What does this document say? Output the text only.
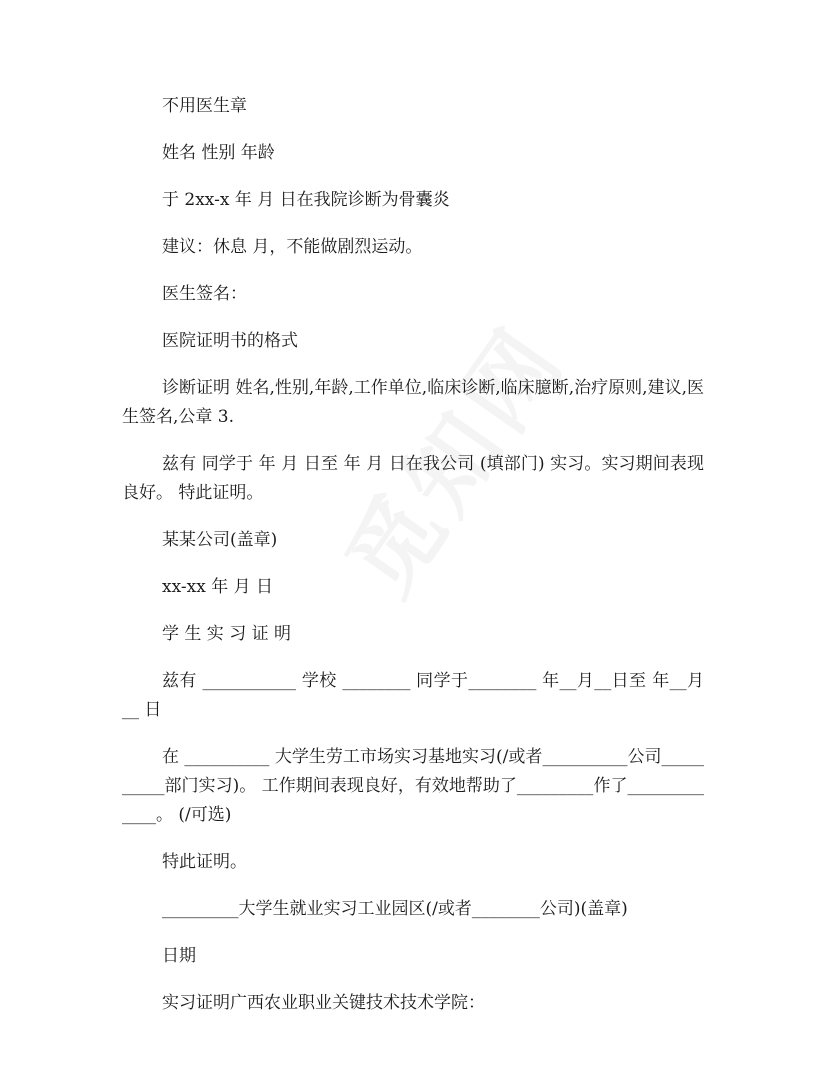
不用医生章

姓名 性别 年龄

于 2xx-x 年 月 日在我院诊断为骨囊炎

建议：休息 月，不能做剧烈运动。

医生签名：

医院证明书的格式

诊断证明 姓名,性别,年龄,工作单位,临床诊断,临床臆断,治疗原则,建议,医生签名,公章 3.

兹有 同学于 年 月 日至 年 月 日在我公司 (填部门) 实习。实习期间表现良好。 特此证明。

某某公司(盖章)

xx-xx 年 月 日

学 生 实 习 证 明

兹有 ___________ 学校 ________ 同学于________ 年__月__日至 年__月__ 日

在 __________ 大学生劳工市场实习基地实习(/或者__________公司__________部门实习)。 工作期间表现良好，有效地帮助了_________作了_____________。 (/可选)

特此证明。

_________大学生就业实习工业园区(/或者________公司)(盖章)

日期

实习证明广西农业职业关键技术技术学院：
